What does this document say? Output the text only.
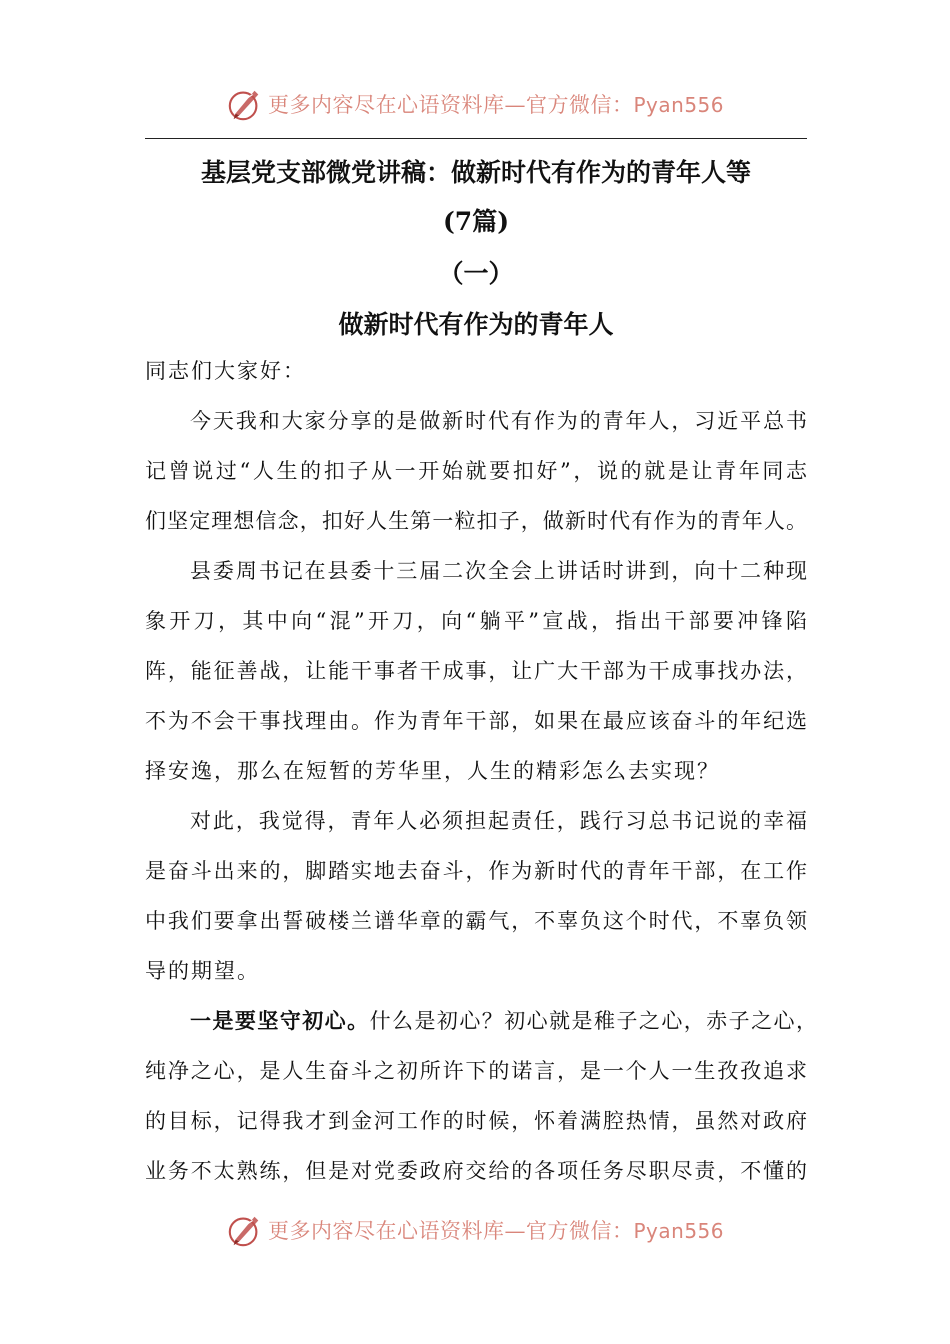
更多内容尽在心语资料库—官方微信：Pyan556
基层党支部微党讲稿：做新时代有作为的青年人等
(7篇)
（一）
做新时代有作为的青年人
同志们大家好：
今天我和大家分享的是做新时代有作为的青年人，习近平总书
记曾说过“人生的扣子从一开始就要扣好”，说的就是让青年同志
们坚定理想信念，扣好人生第一粒扣子，做新时代有作为的青年人。
县委周书记在县委十三届二次全会上讲话时讲到，向十二种现
象开刀，其中向“混”开刀，向“躺平”宣战，指出干部要冲锋陷
阵，能征善战，让能干事者干成事，让广大干部为干成事找办法，
不为不会干事找理由。作为青年干部，如果在最应该奋斗的年纪选
择安逸，那么在短暂的芳华里，人生的精彩怎么去实现？
对此，我觉得，青年人必须担起责任，践行习总书记说的幸福
是奋斗出来的，脚踏实地去奋斗，作为新时代的青年干部，在工作
中我们要拿出誓破楼兰谱华章的霸气，不辜负这个时代，不辜负领
导的期望。
一是要坚守初心。什么是初心？初心就是稚子之心，赤子之心，
纯净之心，是人生奋斗之初所许下的诺言，是一个人一生孜孜追求
的目标，记得我才到金河工作的时候，怀着满腔热情，虽然对政府
业务不太熟练，但是对党委政府交给的各项任务尽职尽责，不懂的
更多内容尽在心语资料库—官方微信：Pyan556
